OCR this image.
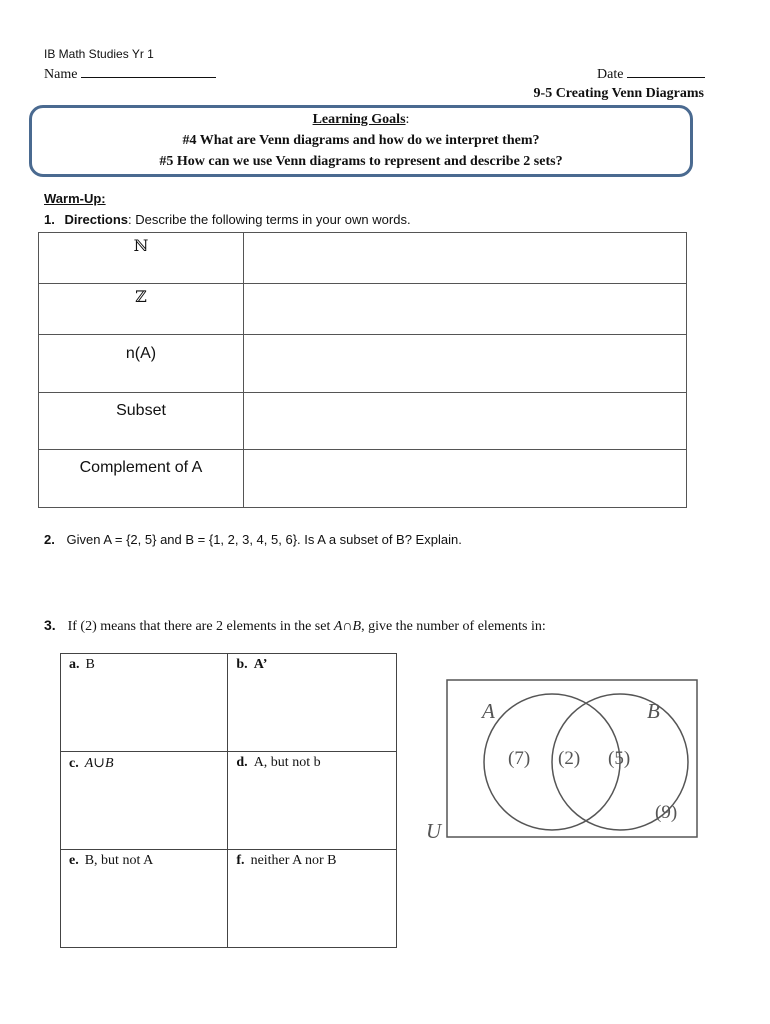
IB Math Studies Yr 1
Name	Date
9-5 Creating Venn Diagrams
Learning Goals:
#4 What are Venn diagrams and how do we interpret them?
#5 How can we use Venn diagrams to represent and describe 2 sets?
Warm-Up:
1. Directions: Describe the following terms in your own words.
ℕ	
ℤ	
n(A)	
Subset	
Complement of A	
2. Given A = {2, 5} and B = {1, 2, 3, 4, 5, 6}. Is A a subset of B? Explain.
3. If (2) means that there are 2 elements in the set A∩B, give the number of elements in:
a. B	b. A’
c. A∪B	d. A, but not b
e. B, but not A	f. neither A nor B
A	B
U
(7) (2) (5)
(9)
